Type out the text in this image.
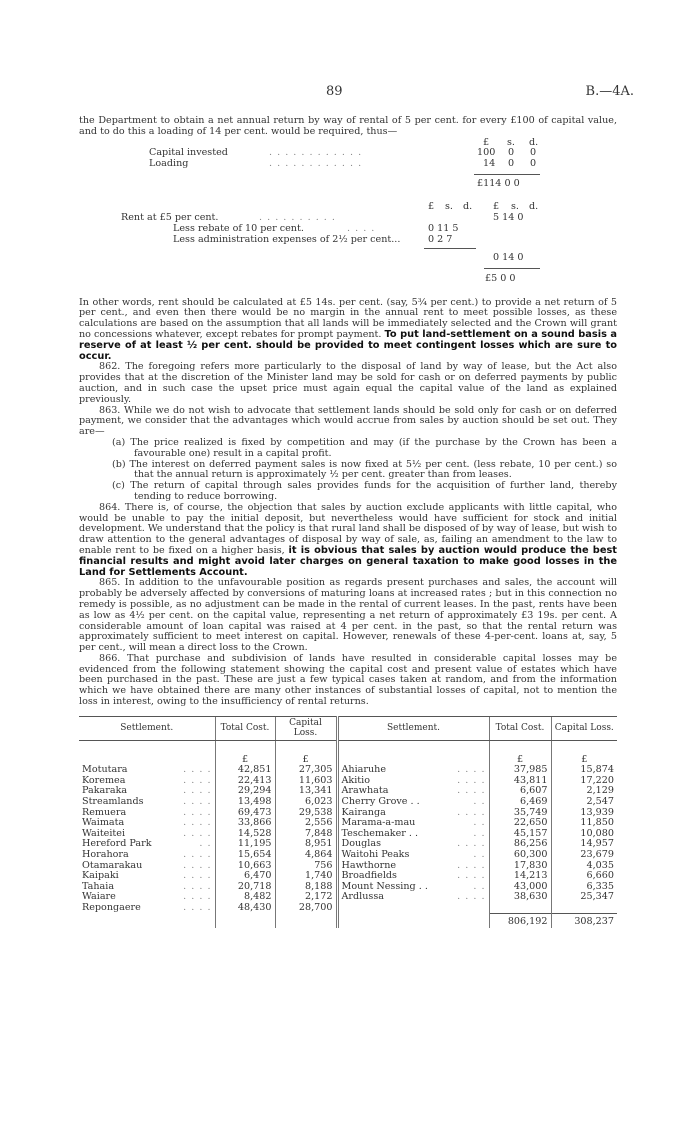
89	B.—4A.

the Department to obtain a net annual return by way of rental of 5 per cent. for every £100 of capital value, and to do this a loading of 14 per cent. would be required, thus—

£ s. d.
Capital invested	. . . . . . . . . . . .	100 0 0
Loading	. . . . . . . . . . . .	14 0 0
£114 0 0
£ s. d. £ s. d.
Rent at £5 per cent.	. . . . . . . . . .	5 14 0
Less rebate of 10 per cent.	. . . .	0 11 5
Less administration expenses of 2½ per cent...	0 2 7
0 14 0
£5 0 0

In other words, rent should be calculated at £5 14s. per cent. (say, 5¾ per cent.) to provide a net return of 5 per cent., and even then there would be no margin in the annual rent to meet possible losses, as these calculations are based on the assumption that all lands will be immediately selected and the Crown will grant no concessions whatever, except rebates for prompt payment. To put land-settlement on a sound basis a reserve of at least ½ per cent. should be provided to meet contingent losses which are sure to occur.

862. The foregoing refers more particularly to the disposal of land by way of lease, but the Act also provides that at the discretion of the Minister land may be sold for cash or on deferred payments by public auction, and in such case the upset price must again equal the capital value of the land as explained previously.

863. While we do not wish to advocate that settlement lands should be sold only for cash or on deferred payment, we consider that the advantages which would accrue from sales by auction should be set out. They are—

(a) The price realized is fixed by competition and may (if the purchase by the Crown has been a favourable one) result in a capital profit.

(b) The interest on deferred payment sales is now fixed at 5½ per cent. (less rebate, 10 per cent.) so that the annual return is approximately ½ per cent. greater than from leases.

(c) The return of capital through sales provides funds for the acquisition of further land, thereby tending to reduce borrowing.

864. There is, of course, the objection that sales by auction exclude applicants with little capital, who would be unable to pay the initial deposit, but nevertheless would have sufficient for stock and initial development. We understand that the policy is that rural land shall be disposed of by way of lease, but wish to draw attention to the general advantages of disposal by way of sale, as, failing an amendment to the law to enable rent to be fixed on a higher basis, it is obvious that sales by auction would produce the best financial results and might avoid later charges on general taxation to make good losses in the Land for Settlements Account.

865. In addition to the unfavourable position as regards present purchases and sales, the account will probably be adversely affected by conversions of maturing loans at increased rates ; but in this connection no remedy is possible, as no adjustment can be made in the rental of current leases. In the past, rents have been as low as 4½ per cent. on the capital value, representing a net return of approximately £3 19s. per cent. A considerable amount of loan capital was raised at 4 per cent. in the past, so that the rental return was approximately sufficient to meet interest on capital. However, renewals of these 4-per-cent. loans at, say, 5 per cent., will mean a direct loss to the Crown.

866. That purchase and subdivision of lands have resulted in considerable capital losses may be evidenced from the following statement showing the capital cost and present value of estates which have been purchased in the past. These are just a few typical cases taken at random, and from the information which we have obtained there are many other instances of substantial losses of capital, not to mention the loss in interest, owing to the insufficiency of rental returns.

Settlement.	Total Cost.	Capital Loss.	Settlement.	Total Cost.	Capital Loss.

	£	£		£	£
Motutara . . . .	42,851	27,305	Ahiaruhe . . . .	37,985	15,874
Koremea . . . .	22,413	11,603	Akitio . . . .	43,811	17,220
Pakaraka . . . .	29,294	13,341	Arawhata . . . .	6,607	2,129
Streamlands . . . .	13,498	6,023	Cherry Grove . . . .	6,469	2,547
Remuera . . . .	69,473	29,538	Kairanga . . . .	35,749	13,939
Waimata . . . .	33,866	2,556	Marama-a-mau . .	22,650	11,850
Waiteitei . . . .	14,528	7,848	Teschemaker . . . .	45,157	10,080
Hereford Park . .	11,195	8,951	Douglas . . . .	86,256	14,957
Horahora . . . .	15,654	4,864	Waitohi Peaks . .	60,300	23,679
Otamarakau . . . .	10,663	756	Hawthorne . . . .	17,830	4,035
Kaipaki . . . .	6,470	1,740	Broadfields . . . .	14,213	6,660
Tahaia . . . .	20,718	8,188	Mount Nessing . . . .	43,000	6,335
Waiare . . . .	8,482	2,172	Ardlussa . . . .	38,630	25,347
Repongaere . . . .	48,430	28,700	

				806,192	308,237
